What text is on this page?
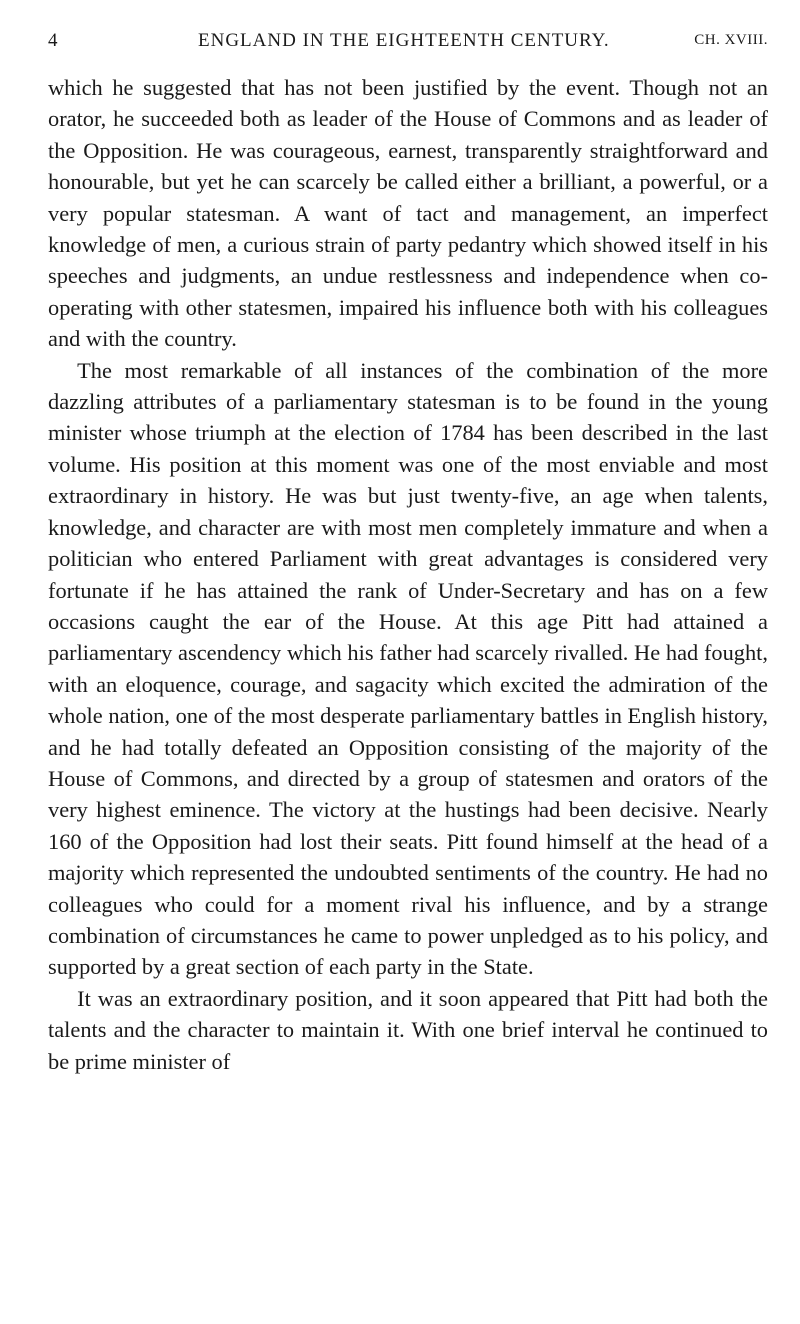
4	ENGLAND IN THE EIGHTEENTH CENTURY.	CH. XVIII.

which he suggested that has not been justified by the event. Though not an orator, he succeeded both as leader of the House of Commons and as leader of the Opposition. He was courageous, earnest, transparently straightforward and honourable, but yet he can scarcely be called either a brilliant, a powerful, or a very popular statesman. A want of tact and management, an imperfect knowledge of men, a curious strain of party pedantry which showed itself in his speeches and judgments, an undue restlessness and independence when co-operating with other statesmen, impaired his influence both with his colleagues and with the country.

The most remarkable of all instances of the combination of the more dazzling attributes of a parliamentary statesman is to be found in the young minister whose triumph at the election of 1784 has been described in the last volume. His position at this moment was one of the most enviable and most extraordinary in history. He was but just twenty-five, an age when talents, knowledge, and character are with most men completely immature and when a politician who entered Parliament with great advantages is considered very fortunate if he has attained the rank of Under-Secretary and has on a few occasions caught the ear of the House. At this age Pitt had attained a parliamentary ascendency which his father had scarcely rivalled. He had fought, with an eloquence, courage, and sagacity which excited the admiration of the whole nation, one of the most desperate parliamentary battles in English history, and he had totally defeated an Opposition consisting of the majority of the House of Commons, and directed by a group of statesmen and orators of the very highest eminence. The victory at the hustings had been decisive. Nearly 160 of the Opposition had lost their seats. Pitt found himself at the head of a majority which represented the undoubted sentiments of the country. He had no colleagues who could for a moment rival his influence, and by a strange combination of circumstances he came to power unpledged as to his policy, and supported by a great section of each party in the State.

It was an extraordinary position, and it soon appeared that Pitt had both the talents and the character to maintain it. With one brief interval he continued to be prime minister of
